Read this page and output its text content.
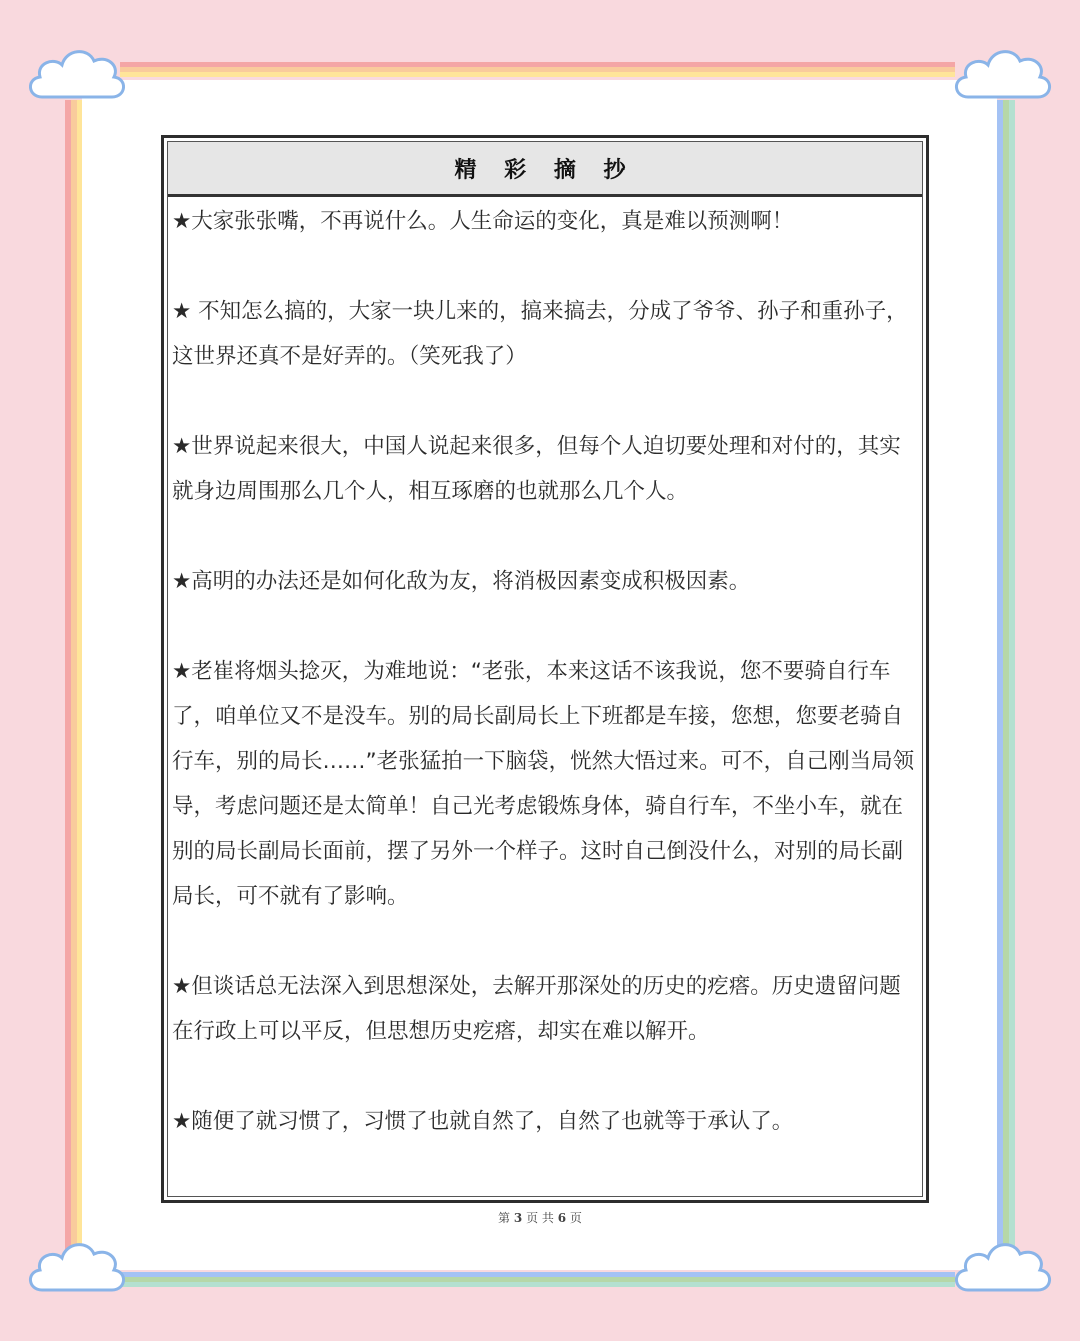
精 彩 摘 抄

★大家张张嘴，不再说什么。人生命运的变化，真是难以预测啊！

★ 不知怎么搞的，大家一块儿来的，搞来搞去，分成了爷爷、孙子和重孙子，这世界还真不是好弄的。（笑死我了）

★世界说起来很大，中国人说起来很多，但每个人迫切要处理和对付的，其实就身边周围那么几个人，相互琢磨的也就那么几个人。

★高明的办法还是如何化敌为友，将消极因素变成积极因素。

★老崔将烟头捻灭，为难地说：“老张，本来这话不该我说，您不要骑自行车了，咱单位又不是没车。别的局长副局长上下班都是车接，您想，您要老骑自行车，别的局长……”老张猛拍一下脑袋，恍然大悟过来。可不，自己刚当局领导，考虑问题还是太简单！自己光考虑锻炼身体，骑自行车，不坐小车，就在别的局长副局长面前，摆了另外一个样子。这时自己倒没什么，对别的局长副局长，可不就有了影响。

★但谈话总无法深入到思想深处，去解开那深处的历史的疙瘩。历史遗留问题在行政上可以平反，但思想历史疙瘩，却实在难以解开。

★随便了就习惯了，习惯了也就自然了，自然了也就等于承认了。

第 3 页 共 6 页
